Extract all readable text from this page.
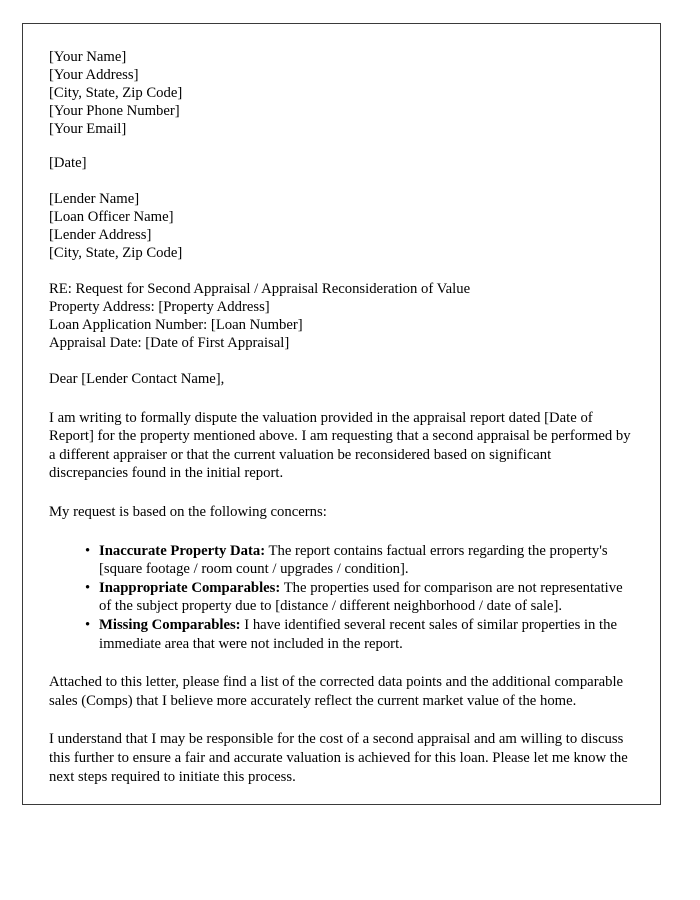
[Your Name]
[Your Address]
[City, State, Zip Code]
[Your Phone Number]
[Your Email]
[Date]
[Lender Name]
[Loan Officer Name]
[Lender Address]
[City, State, Zip Code]
RE: Request for Second Appraisal / Appraisal Reconsideration of Value
Property Address: [Property Address]
Loan Application Number: [Loan Number]
Appraisal Date: [Date of First Appraisal]

Dear [Lender Contact Name],

I am writing to formally dispute the valuation provided in the appraisal report dated [Date of Report] for the property mentioned above. I am requesting that a second appraisal be performed by a different appraiser or that the current valuation be reconsidered based on significant discrepancies found in the initial report.

My request is based on the following concerns:

• Inaccurate Property Data: The report contains factual errors regarding the property's [square footage / room count / upgrades / condition].
• Inappropriate Comparables: The properties used for comparison are not representative of the subject property due to [distance / different neighborhood / date of sale].
• Missing Comparables: I have identified several recent sales of similar properties in the immediate area that were not included in the report.

Attached to this letter, please find a list of the corrected data points and the additional comparable sales (Comps) that I believe more accurately reflect the current market value of the home.

I understand that I may be responsible for the cost of a second appraisal and am willing to discuss this further to ensure a fair and accurate valuation is achieved for this loan. Please let me know the next steps required to initiate this process.
